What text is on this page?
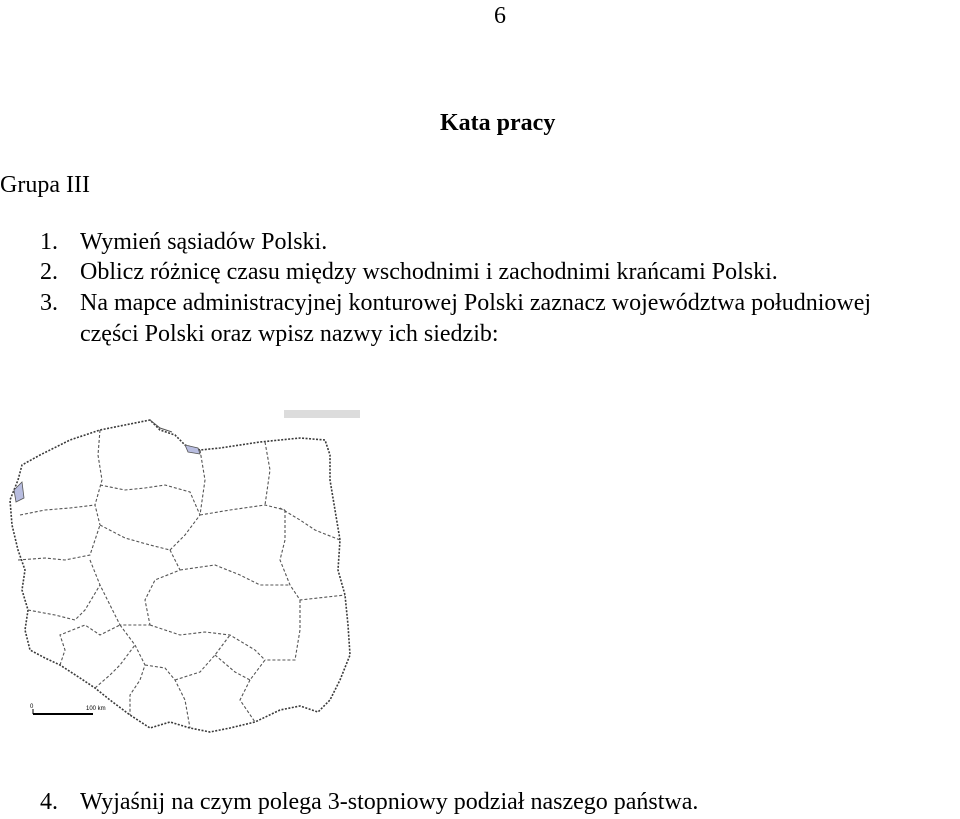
6
Kata pracy
Grupa III
1. Wymień sąsiadów Polski.
2. Oblicz różnicę czasu między wschodnimi i zachodnimi krańcami Polski.
3. Na mapce administracyjnej konturowej Polski zaznacz województwa południowej
części Polski oraz wpisz nazwy ich siedzib:
0	100 km
4. Wyjaśnij na czym polega 3-stopniowy podział naszego państwa.
